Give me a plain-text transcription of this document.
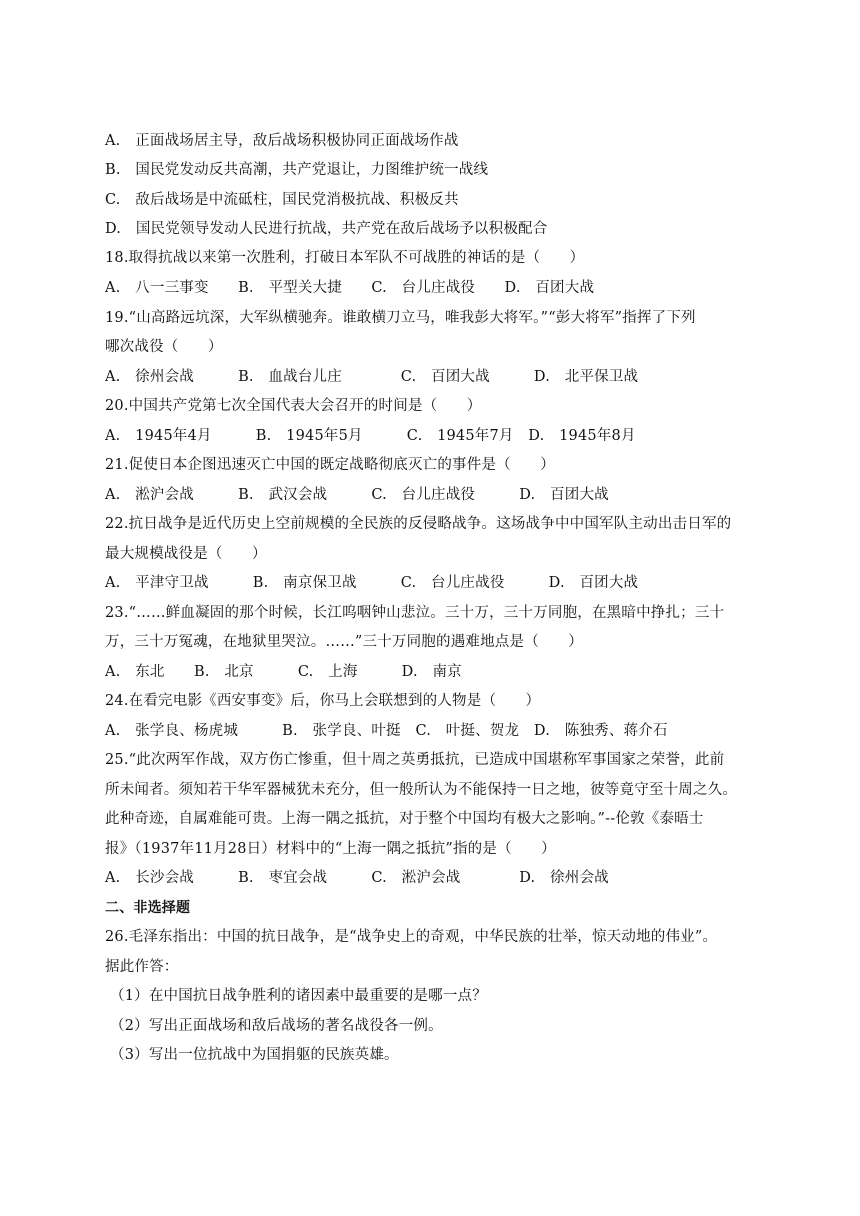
A.　正面战场居主导，敌后战场积极协同正面战场作战
B.　国民党发动反共高潮，共产党退让，力图维护统一战线
C.　敌后战场是中流砥柱，国民党消极抗战、积极反共
D.　国民党领导发动人民进行抗战，共产党在敌后战场予以积极配合
18.取得抗战以来第一次胜利，打破日本军队不可战胜的神话的是（　　）
A.　八一三事变　　B.　平型关大捷　　C.　台儿庄战役　　D.　百团大战
19.“山高路远坑深，大军纵横驰奔。谁敢横刀立马，唯我彭大将军。”“彭大将军”指挥了下列
哪次战役（　　）
A.　徐州会战　　　B.　血战台儿庄　　　　C.　百团大战　　　D.　北平保卫战
20.中国共产党第七次全国代表大会召开的时间是（　　）
A.　1945年4月　　　B.　1945年5月　　　C.　1945年7月　D.　1945年8月
21.促使日本企图迅速灭亡中国的既定战略彻底灭亡的事件是（　　）
A.　淞沪会战　　　B.　武汉会战　　　C.　台儿庄战役　　　D.　百团大战
22.抗日战争是近代历史上空前规模的全民族的反侵略战争。这场战争中中国军队主动出击日军的
最大规模战役是（　　）
A.　平津守卫战　　　B.　南京保卫战　　　C.　台儿庄战役　　　D.　百团大战
23.“……鲜血凝固的那个时候，长江呜咽钟山悲泣。三十万，三十万同胞，在黑暗中挣扎；三十
万，三十万冤魂，在地狱里哭泣。……”三十万同胞的遇难地点是（　　）
A.　东北　　B.　北京　　　C.　上海　　　D.　南京
24.在看完电影《西安事变》后，你马上会联想到的人物是（　　）
A.　张学良、杨虎城　　　B.　张学良、叶挺　C.　叶挺、贺龙　D.　陈独秀、蒋介石
25.“此次两军作战，双方伤亡惨重，但十周之英勇抵抗，已造成中国堪称军事国家之荣誉，此前
所未闻者。须知若干华军器械犹未充分，但一般所认为不能保持一日之地，彼等竟守至十周之久。
此种奇迹，自属难能可贵。上海一隅之抵抗，对于整个中国均有极大之影响。”--伦敦《泰晤士
报》（1937年11月28日）材料中的“上海一隅之抵抗”指的是（　　）
A.　长沙会战　　　B.　枣宜会战　　　C.　淞沪会战　　　　D.　徐州会战
二、非选择题
26.毛泽东指出：中国的抗日战争，是“战争史上的奇观，中华民族的壮举，惊天动地的伟业”。
据此作答：
（1）在中国抗日战争胜利的诸因素中最重要的是哪一点？
（2）写出正面战场和敌后战场的著名战役各一例。
（3）写出一位抗战中为国捐躯的民族英雄。
